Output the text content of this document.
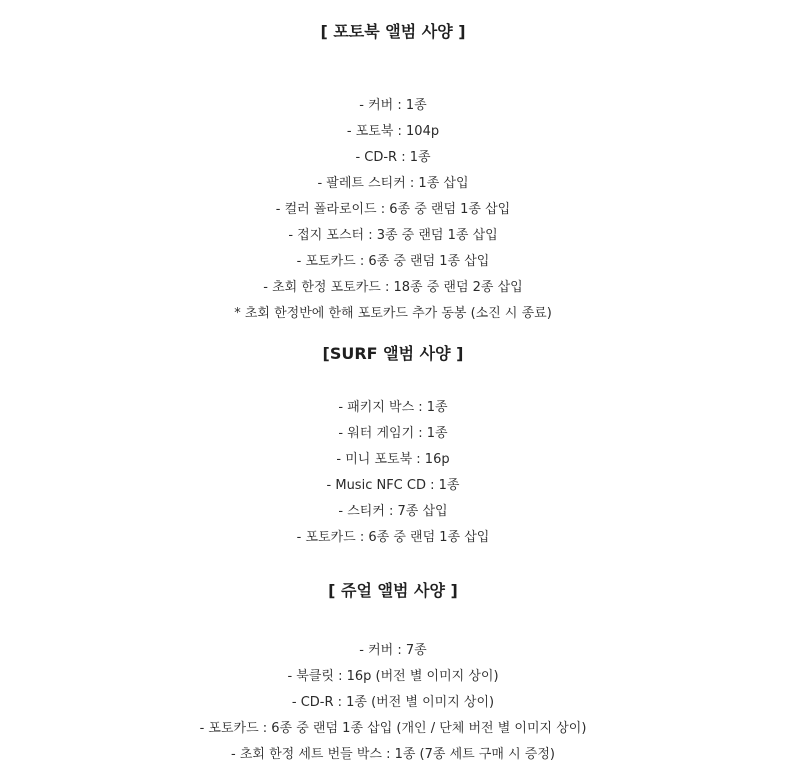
[ 포토북 앨범 사양 ]
- 커버 : 1종
- 포토북 : 104p
- CD-R : 1종
- 팔레트 스티커 : 1종 삽입
- 컬러 폴라로이드 : 6종 중 랜덤 1종 삽입
- 접지 포스터 : 3종 중 랜덤 1종 삽입
- 포토카드 : 6종 중 랜덤 1종 삽입
- 초회 한정 포토카드 : 18종 중 랜덤 2종 삽입
* 초회 한정반에 한해 포토카드 추가 동봉 (소진 시 종료)
[SURF 앨범 사양 ]
- 패키지 박스 : 1종
- 워터 게임기 : 1종
- 미니 포토북 : 16p
- Music NFC CD : 1종
- 스티커 : 7종 삽입
- 포토카드 : 6종 중 랜덤 1종 삽입
[ 쥬얼 앨범 사양 ]
- 커버 : 7종
- 북클릿 : 16p (버전 별 이미지 상이)
- CD-R : 1종 (버전 별 이미지 상이)
- 포토카드 : 6종 중 랜덤 1종 삽입 (개인 / 단체 버전 별 이미지 상이)
- 초회 한정 세트 번들 박스 : 1종 (7종 세트 구매 시 증정)
